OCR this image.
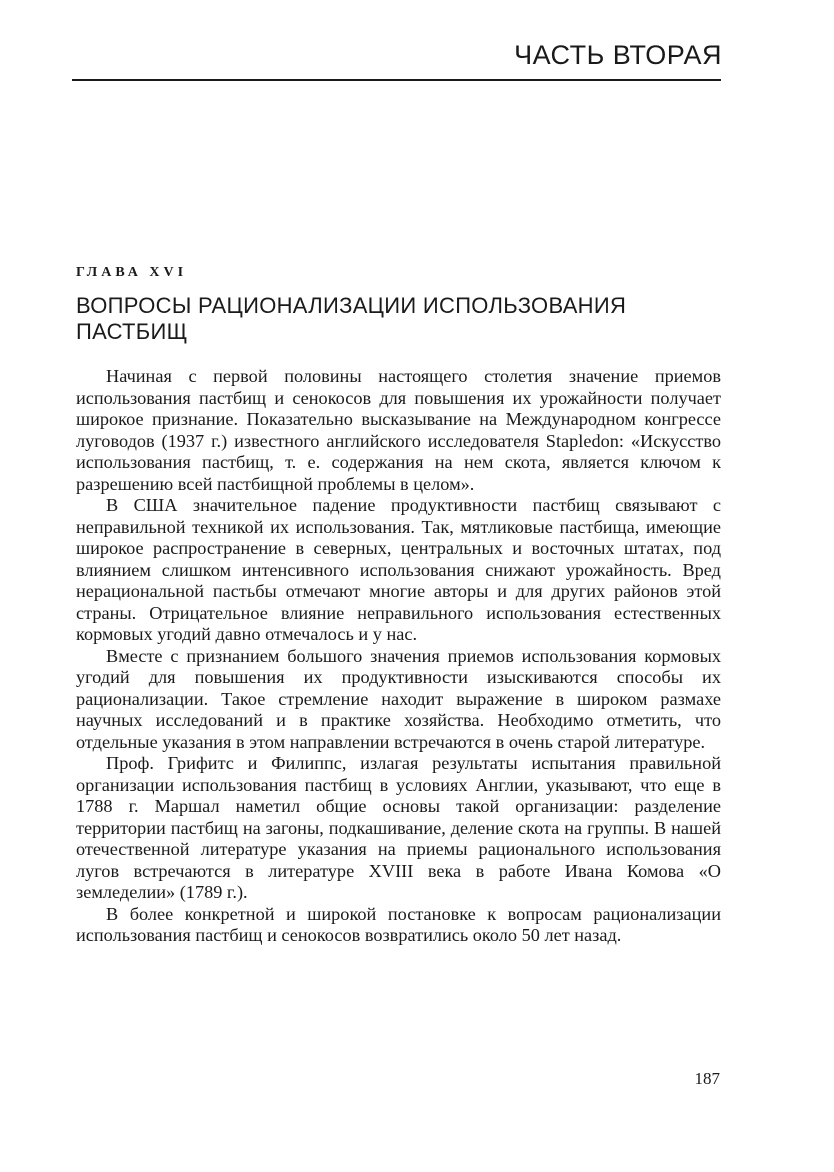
ЧАСТЬ ВТОРАЯ
ГЛАВА XVI
ВОПРОСЫ РАЦИОНАЛИЗАЦИИ ИСПОЛЬЗОВАНИЯ ПАСТБИЩ

Начиная с первой половины настоящего столетия значение приемов использования пастбищ и сенокосов для повышения их урожайности получает широкое признание. Показательно высказывание на Международном конгрессе луговодов (1937 г.) известного английского исследователя Stapledon: «Искусство использования пастбищ, т. е. содержания на нем скота, является ключом к разрешению всей пастбищной проблемы в целом».

В США значительное падение продуктивности пастбищ связывают с неправильной техникой их использования. Так, мятликовые пастбища, имеющие широкое распространение в северных, центральных и восточных штатах, под влиянием слишком интенсивного использования снижают урожайность. Вред нерациональной пастьбы отмечают многие авторы и для других районов этой страны. Отрицательное влияние неправильного использования естественных кормовых угодий давно отмечалось и у нас.

Вместе с признанием большого значения приемов использования кормовых угодий для повышения их продуктивности изыскиваются способы их рационализации. Такое стремление находит выражение в широком размахе научных исследований и в практике хозяйства. Необходимо отметить, что отдельные указания в этом направлении встречаются в очень старой литературе.

Проф. Грифитс и Филиппс, излагая результаты испытания правильной организации использования пастбищ в условиях Англии, указывают, что еще в 1788 г. Маршал наметил общие основы такой организации: разделение территории пастбищ на загоны, подкашивание, деление скота на группы. В нашей отечественной литературе указания на приемы рационального использования лугов встречаются в литературе XVIII века в работе Ивана Комова «О земледелии» (1789 г.).

В более конкретной и широкой постановке к вопросам рационализации использования пастбищ и сенокосов возвратились около 50 лет назад.

187
